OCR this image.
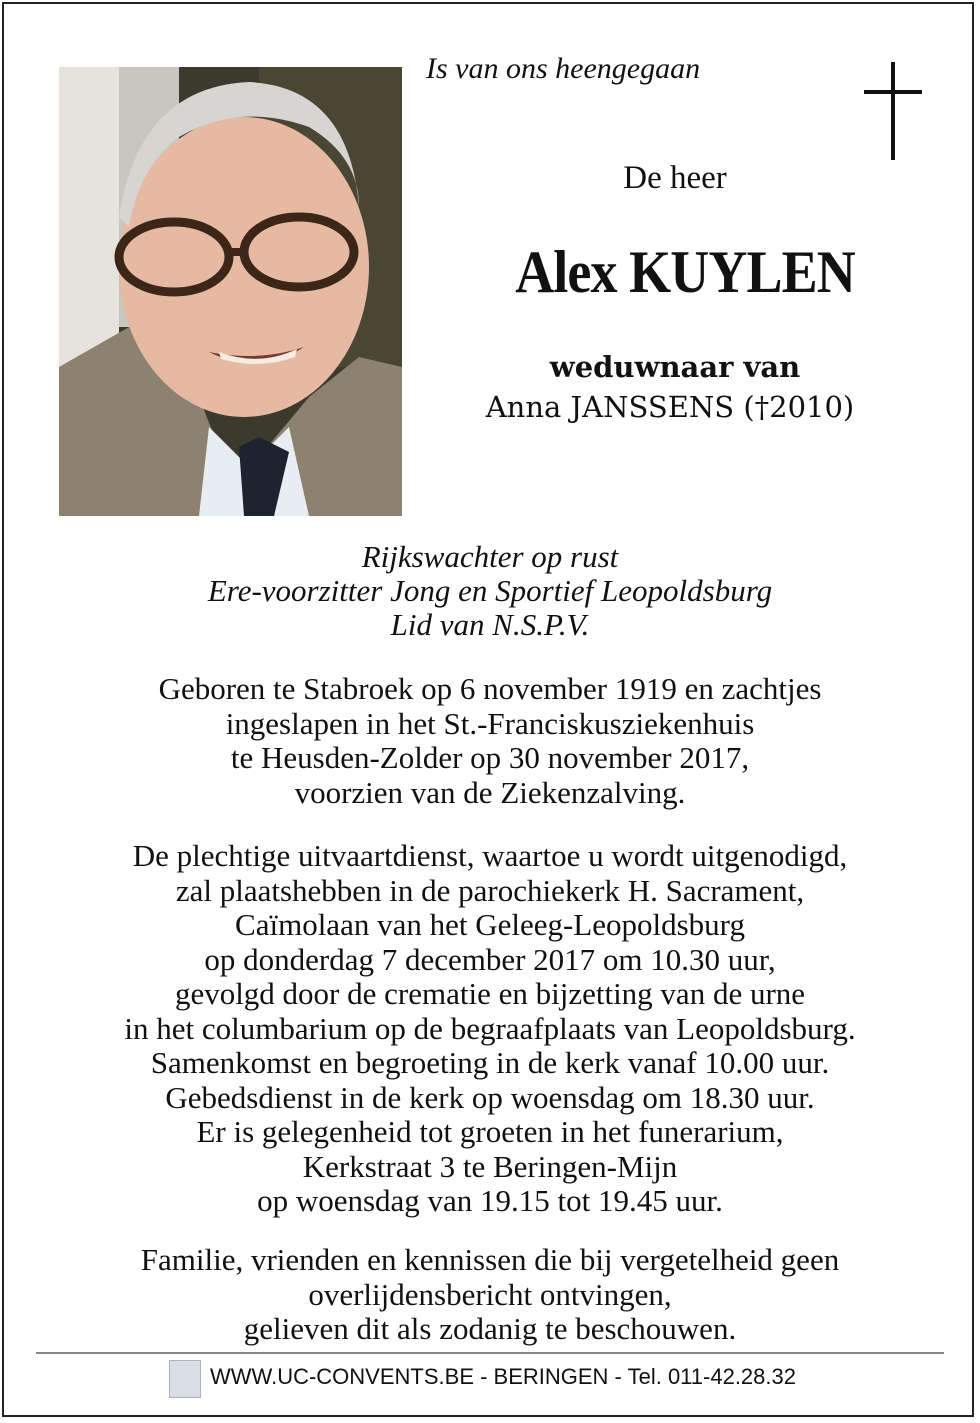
Is van ons heengegaan
De heer
Alex KUYLEN
weduwnaar van
Anna JANSSENS (†2010)

Rijkswachter op rust

Ere-voorzitter Jong en Sportief Leopoldsburg

Lid van N.S.P.V.

Geboren te Stabroek op 6 november 1919 en zachtjes

ingeslapen in het St.-Franciskusziekenhuis

te Heusden-Zolder op 30 november 2017,

voorzien van de Ziekenzalving.

De plechtige uitvaartdienst, waartoe u wordt uitgenodigd,

zal plaatshebben in de parochiekerk H. Sacrament,

Caïmolaan van het Geleeg-Leopoldsburg

op donderdag 7 december 2017 om 10.30 uur,

gevolgd door de crematie en bijzetting van de urne

in het columbarium op de begraafplaats van Leopoldsburg.

Samenkomst en begroeting in de kerk vanaf 10.00 uur.

Gebedsdienst in de kerk op woensdag om 18.30 uur.

Er is gelegenheid tot groeten in het funerarium,

Kerkstraat 3 te Beringen-Mijn

op woensdag van 19.15 tot 19.45 uur.

Familie, vrienden en kennissen die bij vergetelheid geen

overlijdensbericht ontvingen,

gelieven dit als zodanig te beschouwen.

WWW.UC-CONVENTS.BE - BERINGEN - Tel. 011-42.28.32
